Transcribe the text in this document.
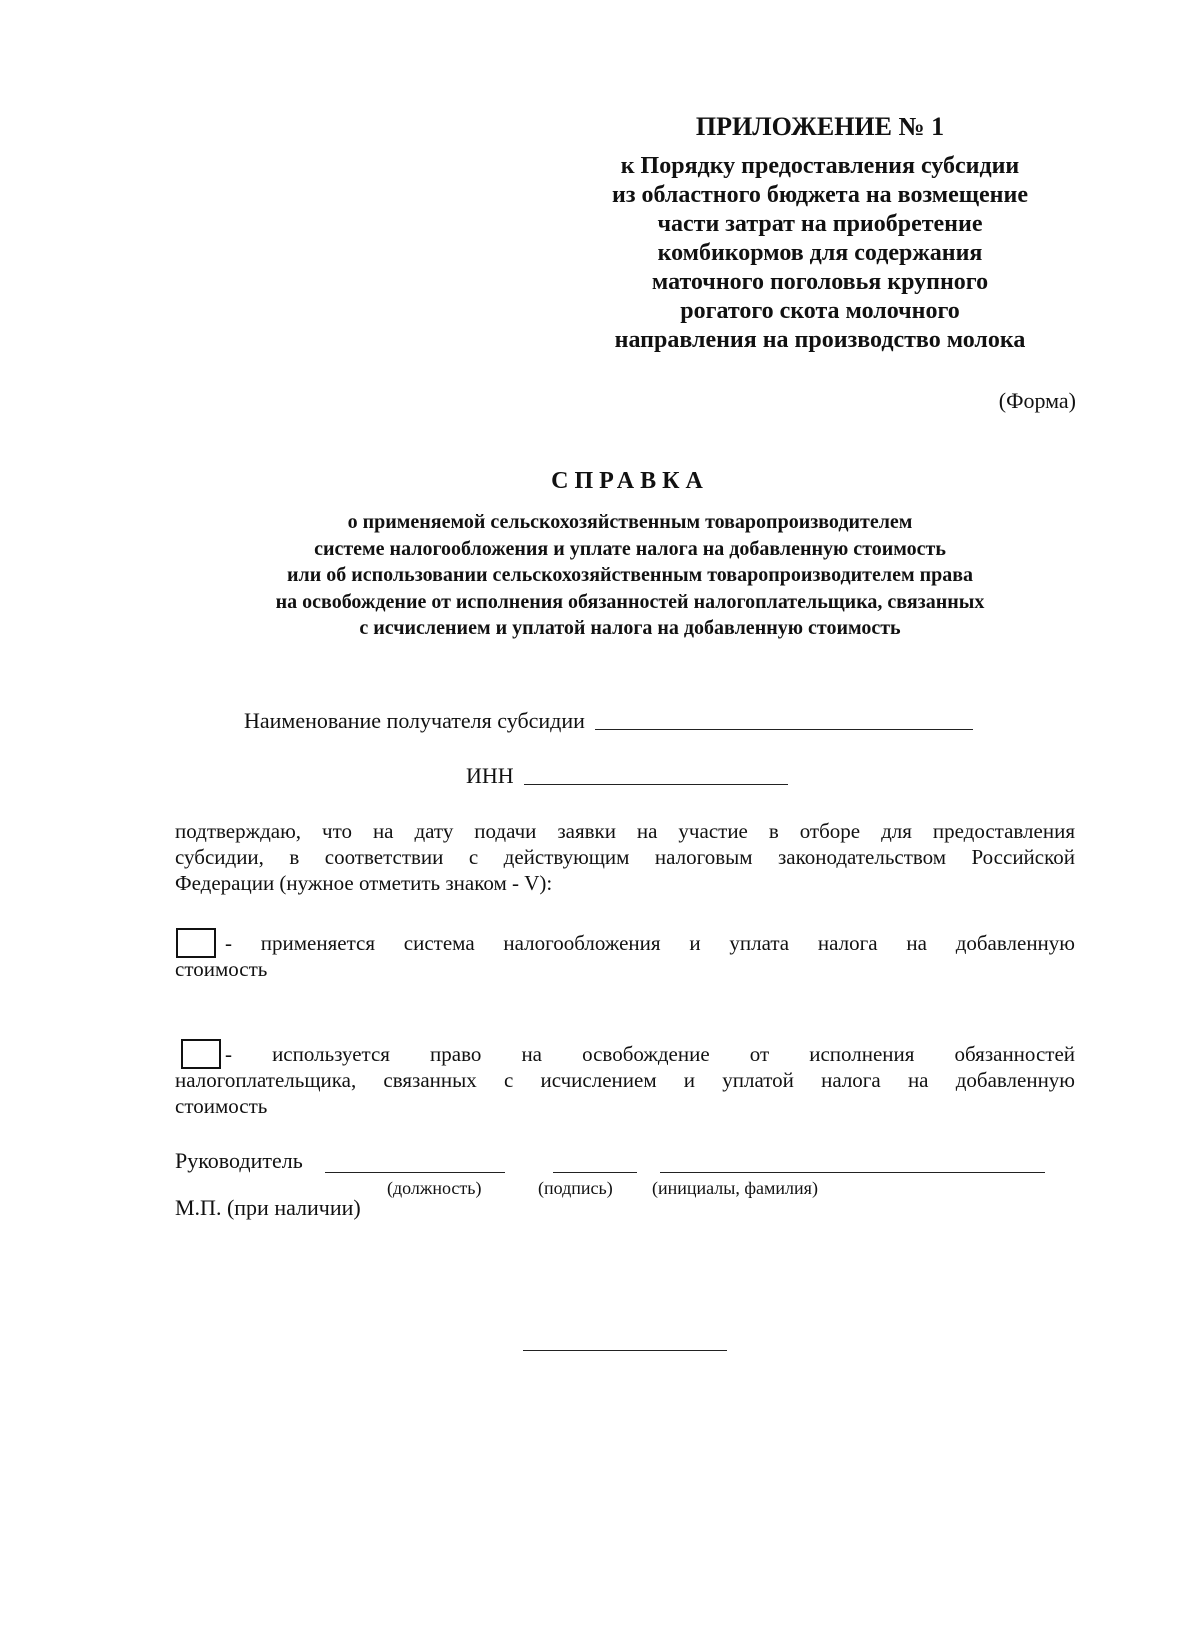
ПРИЛОЖЕНИЕ № 1
к Порядку предоставления субсидии
из областного бюджета на возмещение
части затрат на приобретение
комбикормов для содержания
маточного поголовья крупного
рогатого скота молочного
направления на производство молока
(Форма)
СПРАВКА
о применяемой сельскохозяйственным товаропроизводителем
системе налогообложения и уплате налога на добавленную стоимость
или об использовании сельскохозяйственным товаропроизводителем права
на освобождение от исполнения обязанностей налогоплательщика, связанных
с исчислением и уплатой налога на добавленную стоимость
Наименование получателя субсидии
ИНН
подтверждаю, что на дату подачи заявки на участие в отборе для предоставления
субсидии, в соответствии с действующим налоговым законодательством Российской
Федерации (нужное отметить знаком - V):
- применяется система налогообложения и уплата налога на добавленную
стоимость
- используется право на освобождение от исполнения обязанностей
налогоплательщика, связанных с исчислением и уплатой налога на добавленную
стоимость
Руководитель
(должность)	(подпись) (инициалы, фамилия)
М.П. (при наличии)
